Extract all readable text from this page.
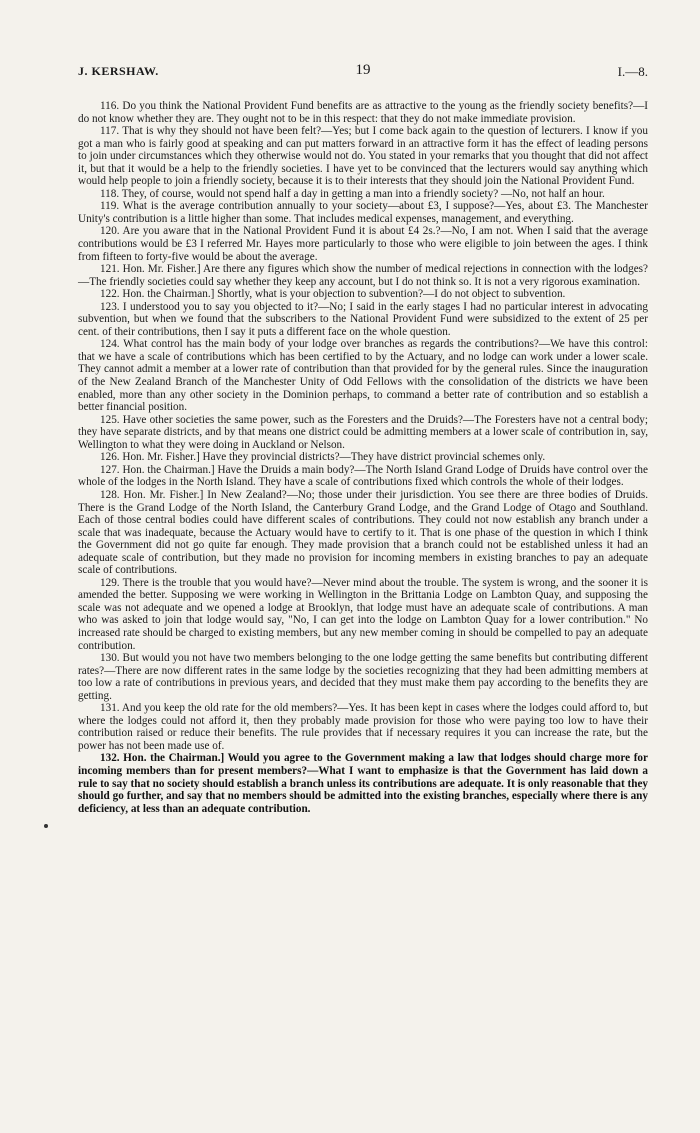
J. KERSHAW.	19	I.—8.

116. Do you think the National Provident Fund benefits are as attractive to the young as the friendly society benefits?—I do not know whether they are. They ought not to be in this respect: that they do not make immediate provision.

117. That is why they should not have been felt?—Yes; but I come back again to the question of lecturers. I know if you got a man who is fairly good at speaking and can put matters forward in an attractive form it has the effect of leading persons to join under circumstances which they otherwise would not do. You stated in your remarks that you thought that did not affect it, but that it would be a help to the friendly societies. I have yet to be convinced that the lecturers would say anything which would help people to join a friendly society, because it is to their interests that they should join the National Provident Fund.

118. They, of course, would not spend half a day in getting a man into a friendly society? —No, not half an hour.

119. What is the average contribution annually to your society—about £3, I suppose?—Yes, about £3. The Manchester Unity's contribution is a little higher than some. That includes medical expenses, management, and everything.

120. Are you aware that in the National Provident Fund it is about £4 2s.?—No, I am not. When I said that the average contributions would be £3 I referred Mr. Hayes more particularly to those who were eligible to join between the ages. I think from fifteen to forty-five would be about the average.

121. Hon. Mr. Fisher.] Are there any figures which show the number of medical rejections in connection with the lodges?—The friendly societies could say whether they keep any account, but I do not think so. It is not a very rigorous examination.

122. Hon. the Chairman.] Shortly, what is your objection to subvention?—I do not object to subvention.

123. I understood you to say you objected to it?—No; I said in the early stages I had no particular interest in advocating subvention, but when we found that the subscribers to the National Provident Fund were subsidized to the extent of 25 per cent. of their contributions, then I say it puts a different face on the whole question.

124. What control has the main body of your lodge over branches as regards the contributions?—We have this control: that we have a scale of contributions which has been certified to by the Actuary, and no lodge can work under a lower scale. They cannot admit a member at a lower rate of contribution than that provided for by the general rules. Since the inauguration of the New Zealand Branch of the Manchester Unity of Odd Fellows with the consolidation of the districts we have been enabled, more than any other society in the Dominion perhaps, to command a better rate of contribution and so establish a better financial position.

125. Have other societies the same power, such as the Foresters and the Druids?—The Foresters have not a central body; they have separate districts, and by that means one district could be admitting members at a lower scale of contribution in, say, Wellington to what they were doing in Auckland or Nelson.

126. Hon. Mr. Fisher.] Have they provincial districts?—They have district provincial schemes only.

127. Hon. the Chairman.] Have the Druids a main body?—The North Island Grand Lodge of Druids have control over the whole of the lodges in the North Island. They have a scale of contributions fixed which controls the whole of their lodges.

128. Hon. Mr. Fisher.] In New Zealand?—No; those under their jurisdiction. You see there are three bodies of Druids. There is the Grand Lodge of the North Island, the Canterbury Grand Lodge, and the Grand Lodge of Otago and Southland. Each of those central bodies could have different scales of contributions. They could not now establish any branch under a scale that was inadequate, because the Actuary would have to certify to it. That is one phase of the question in which I think the Government did not go quite far enough. They made provision that a branch could not be established unless it had an adequate scale of contribution, but they made no provision for incoming members in existing branches to pay an adequate scale of contributions.

129. There is the trouble that you would have?—Never mind about the trouble. The system is wrong, and the sooner it is amended the better. Supposing we were working in Wellington in the Brittania Lodge on Lambton Quay, and supposing the scale was not adequate and we opened a lodge at Brooklyn, that lodge must have an adequate scale of contributions. A man who was asked to join that lodge would say, "No, I can get into the lodge on Lambton Quay for a lower contribution." No increased rate should be charged to existing members, but any new member coming in should be compelled to pay an adequate contribution.

130. But would you not have two members belonging to the one lodge getting the same benefits but contributing different rates?—There are now different rates in the same lodge by the societies recognizing that they had been admitting members at too low a rate of contributions in previous years, and decided that they must make them pay according to the benefits they are getting.

131. And you keep the old rate for the old members?—Yes. It has been kept in cases where the lodges could afford to, but where the lodges could not afford it, then they probably made provision for those who were paying too low to have their contribution raised or reduce their benefits. The rule provides that if necessary requires it you can increase the rate, but the power has not been made use of.

132. Hon. the Chairman.] Would you agree to the Government making a law that lodges should charge more for incoming members than for present members?—What I want to emphasize is that the Government has laid down a rule to say that no society should establish a branch unless its contributions are adequate. It is only reasonable that they should go further, and say that no members should be admitted into the existing branches, especially where there is any deficiency, at less than an adequate contribution.
